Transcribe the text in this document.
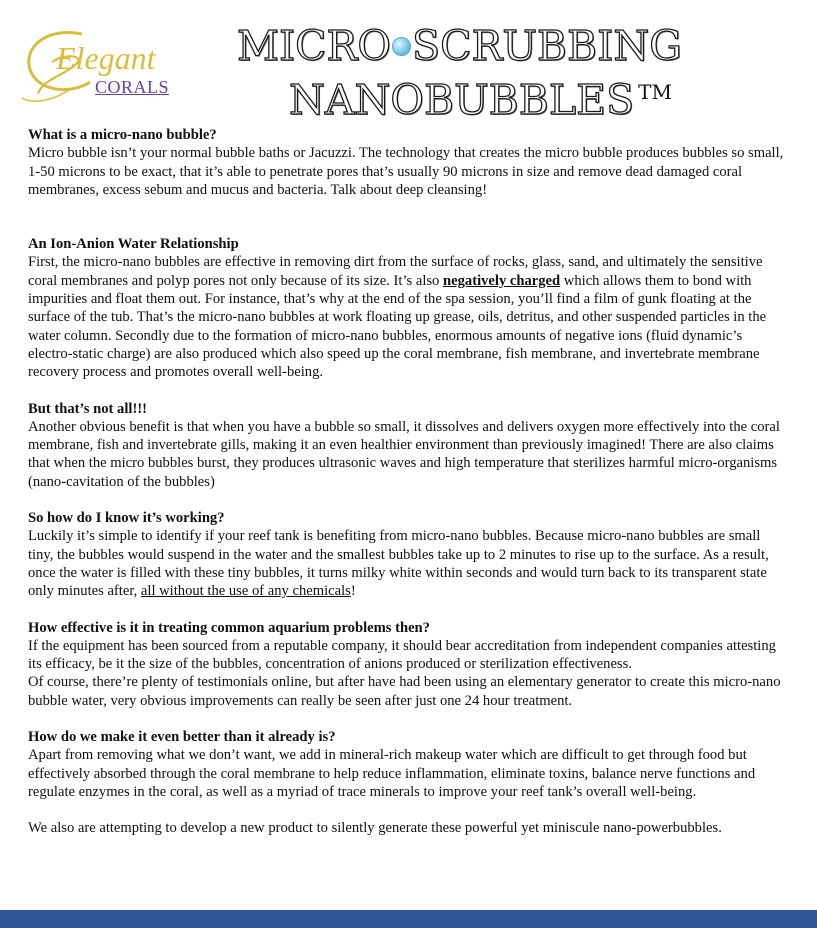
Elegant
CORALS
MICRO SCRUBBING
NANOBUBBLES ™

What is a micro-nano bubble?

Micro bubble isn’t your normal bubble baths or Jacuzzi. The technology that creates the micro bubble produces bubbles so small, 1-50 microns to be exact, that it’s able to penetrate pores that’s usually 90 microns in size and remove dead damaged coral membranes, excess sebum and mucus and bacteria. Talk about deep cleansing!

An Ion-Anion Water Relationship

First, the micro-nano bubbles are effective in removing dirt from the surface of rocks, glass, sand, and ultimately the sensitive coral membranes and polyp pores not only because of its size. It’s also negatively charged which allows them to bond with impurities and float them out. For instance, that’s why at the end of the spa session, you’ll find a film of gunk floating at the surface of the tub. That’s the micro-nano bubbles at work floating up grease, oils, detritus, and other suspended particles in the water column. Secondly due to the formation of micro-nano bubbles, enormous amounts of negative ions (fluid dynamic’s electro-static charge) are also produced which also speed up the coral membrane, fish membrane, and invertebrate membrane recovery process and promotes overall well-being.

But that’s not all!!!

Another obvious benefit is that when you have a bubble so small, it dissolves and delivers oxygen more effectively into the coral membrane, fish and invertebrate gills, making it an even healthier environment than previously imagined! There are also claims that when the micro bubbles burst, they produces ultrasonic waves and high temperature that sterilizes harmful micro-organisms (nano-cavitation of the bubbles)

So how do I know it’s working?

Luckily it’s simple to identify if your reef tank is benefiting from micro-nano bubbles. Because micro-nano bubbles are small tiny, the bubbles would suspend in the water and the smallest bubbles take up to 2 minutes to rise up to the surface. As a result, once the water is filled with these tiny bubbles, it turns milky white within seconds and would turn back to its transparent state only minutes after, all without the use of any chemicals!

How effective is it in treating common aquarium problems then?

If the equipment has been sourced from a reputable company, it should bear accreditation from independent companies attesting its efficacy, be it the size of the bubbles, concentration of anions produced or sterilization effectiveness.

Of course, there’re plenty of testimonials online, but after have had been using an elementary generator to create this micro-nano bubble water, very obvious improvements can really be seen after just one 24 hour treatment.

How do we make it even better than it already is?

Apart from removing what we don’t want, we add in mineral-rich makeup water which are difficult to get through food but effectively absorbed through the coral membrane to help reduce inflammation, eliminate toxins, balance nerve functions and regulate enzymes in the coral, as well as a myriad of trace minerals to improve your reef tank’s overall well-being.

We also are attempting to develop a new product to silently generate these powerful yet miniscule nano-powerbubbles.
